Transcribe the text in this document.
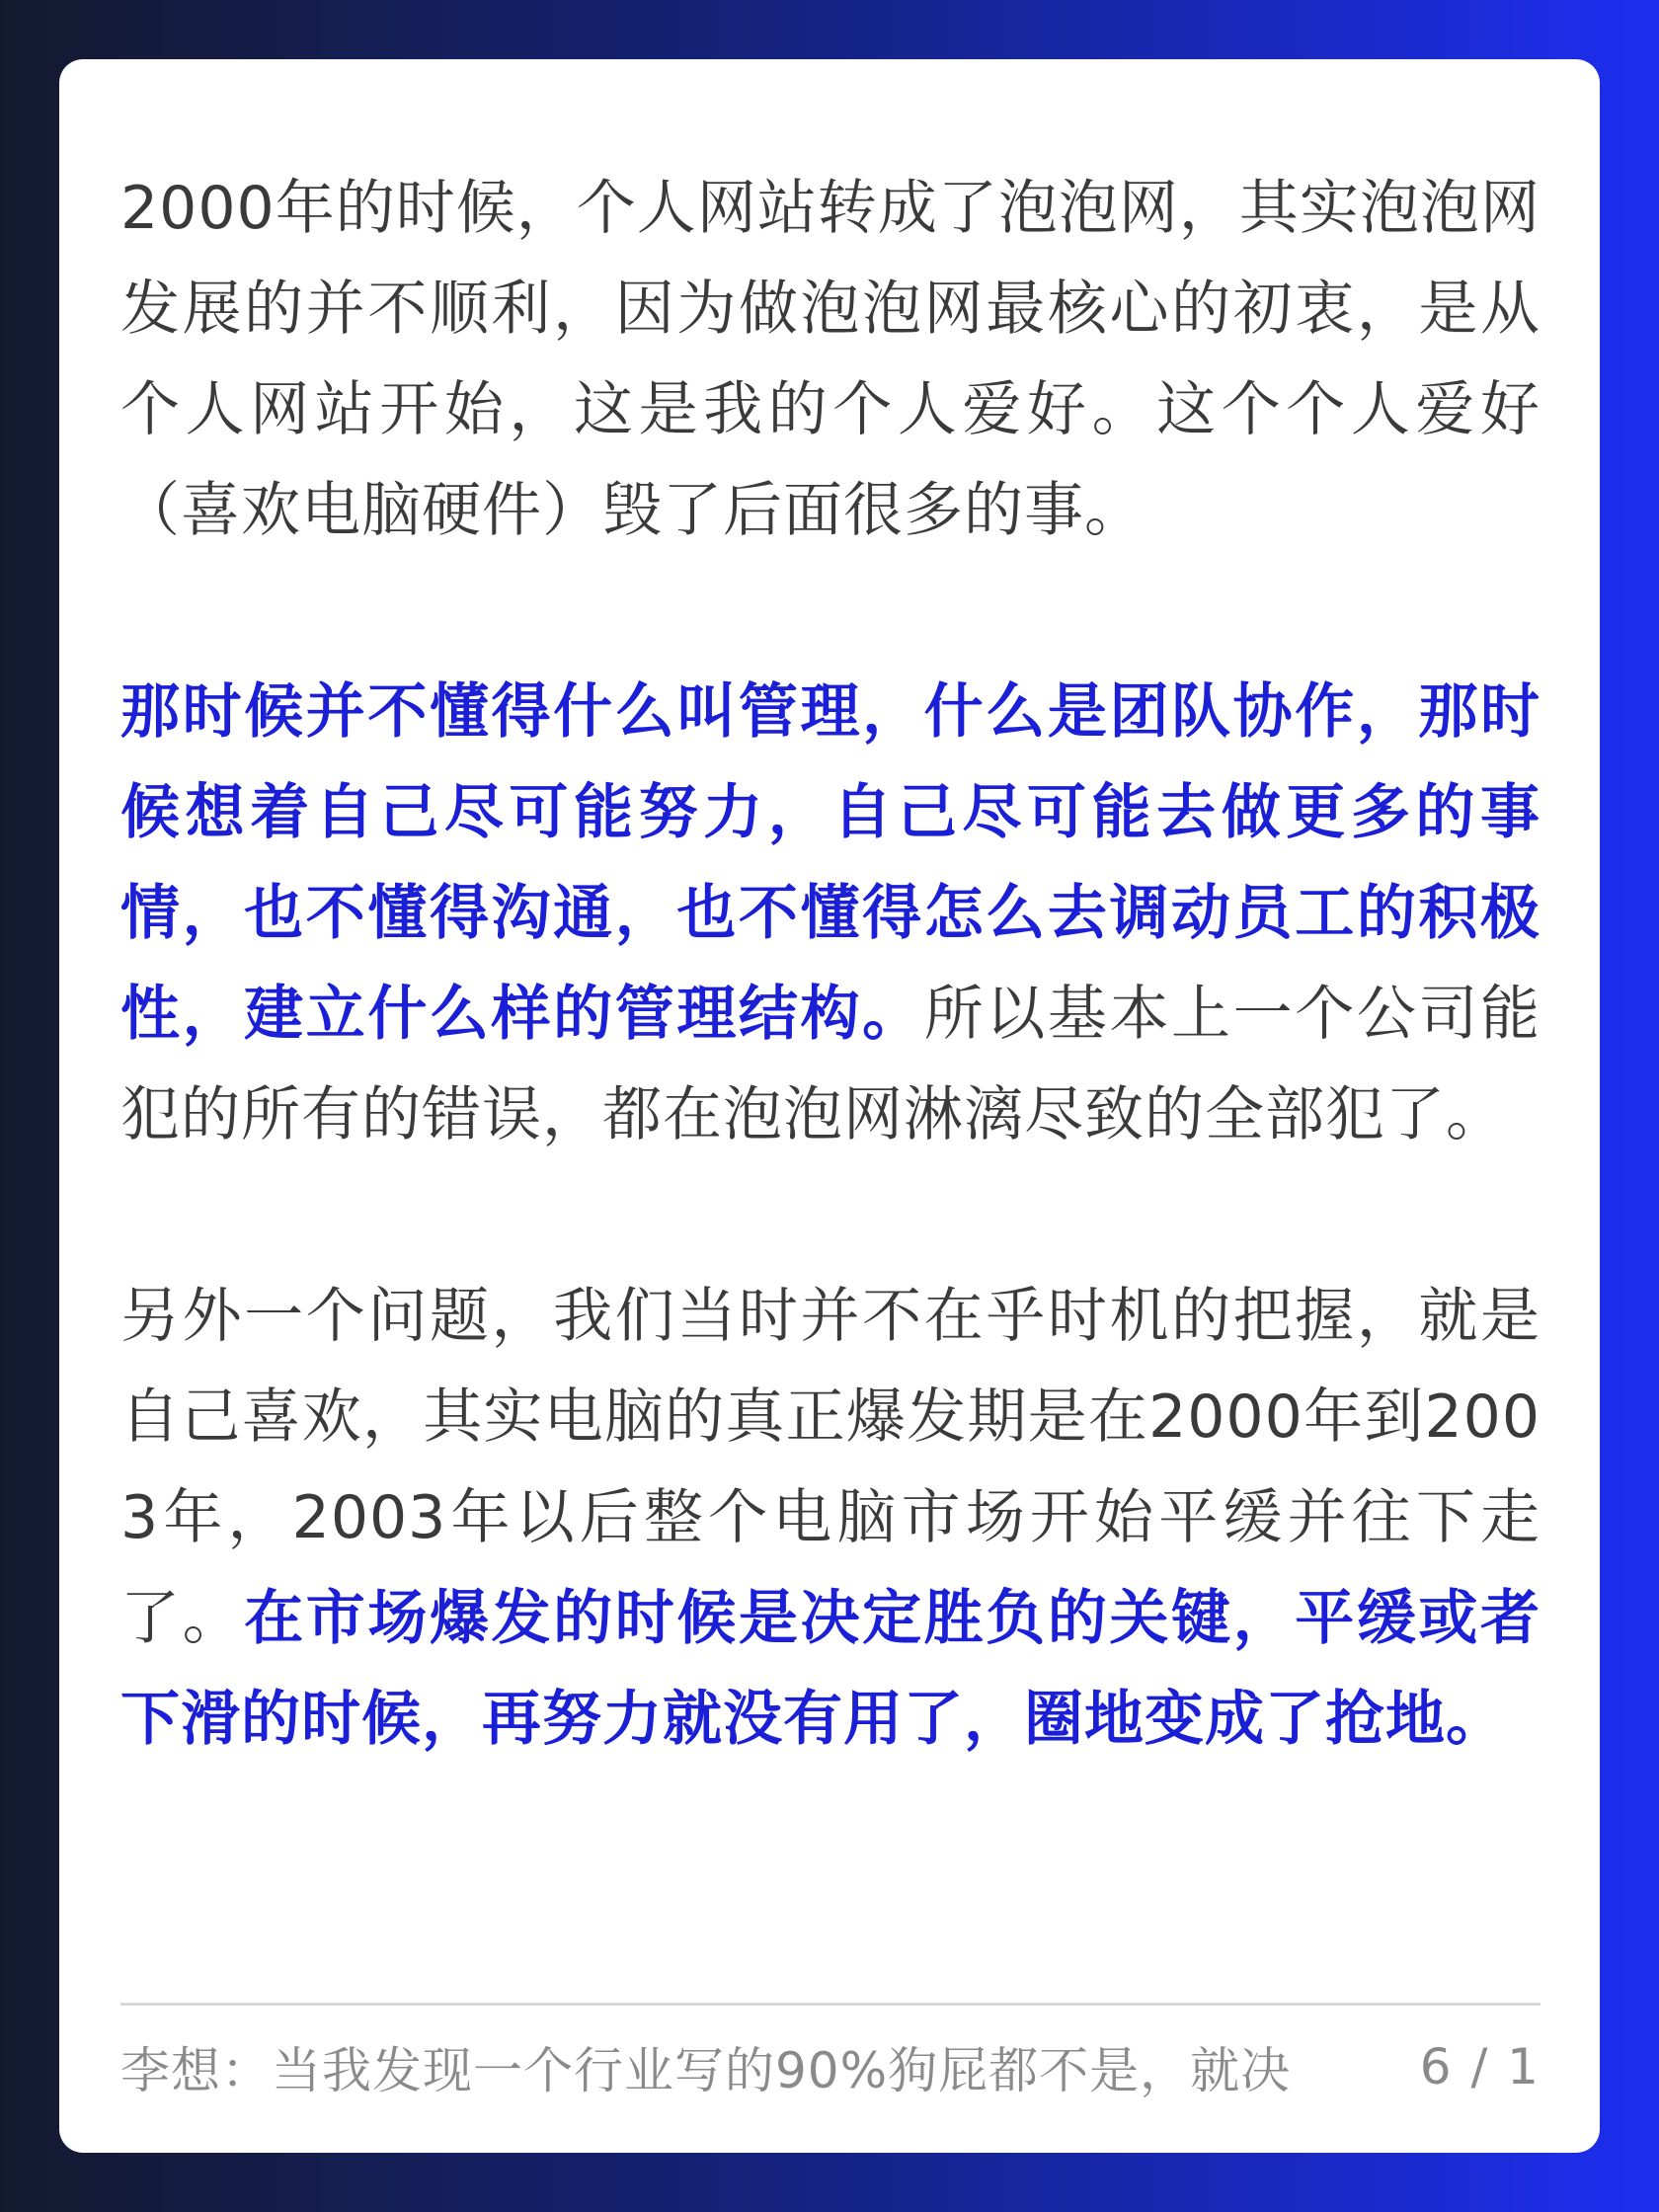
2000年的时候，个人网站转成了泡泡网，其实泡泡网发展的并不顺利，因为做泡泡网最核心的初衷，是从个人网站开始，这是我的个人爱好。这个个人爱好（喜欢电脑硬件）毁了后面很多的事。

那时候并不懂得什么叫管理，什么是团队协作，那时候想着自己尽可能努力，自己尽可能去做更多的事情，也不懂得沟通，也不懂得怎么去调动员工的积极性，建立什么样的管理结构。所以基本上一个公司能犯的所有的错误，都在泡泡网淋漓尽致的全部犯了。

另外一个问题，我们当时并不在乎时机的把握，就是自己喜欢，其实电脑的真正爆发期是在2000年到2003年，2003年以后整个电脑市场开始平缓并往下走了。在市场爆发的时候是决定胜负的关键，平缓或者下滑的时候，再努力就没有用了，圈地变成了抢地。

李想：当我发现一个行业写的90%狗屁都不是，就决	6 / 1
